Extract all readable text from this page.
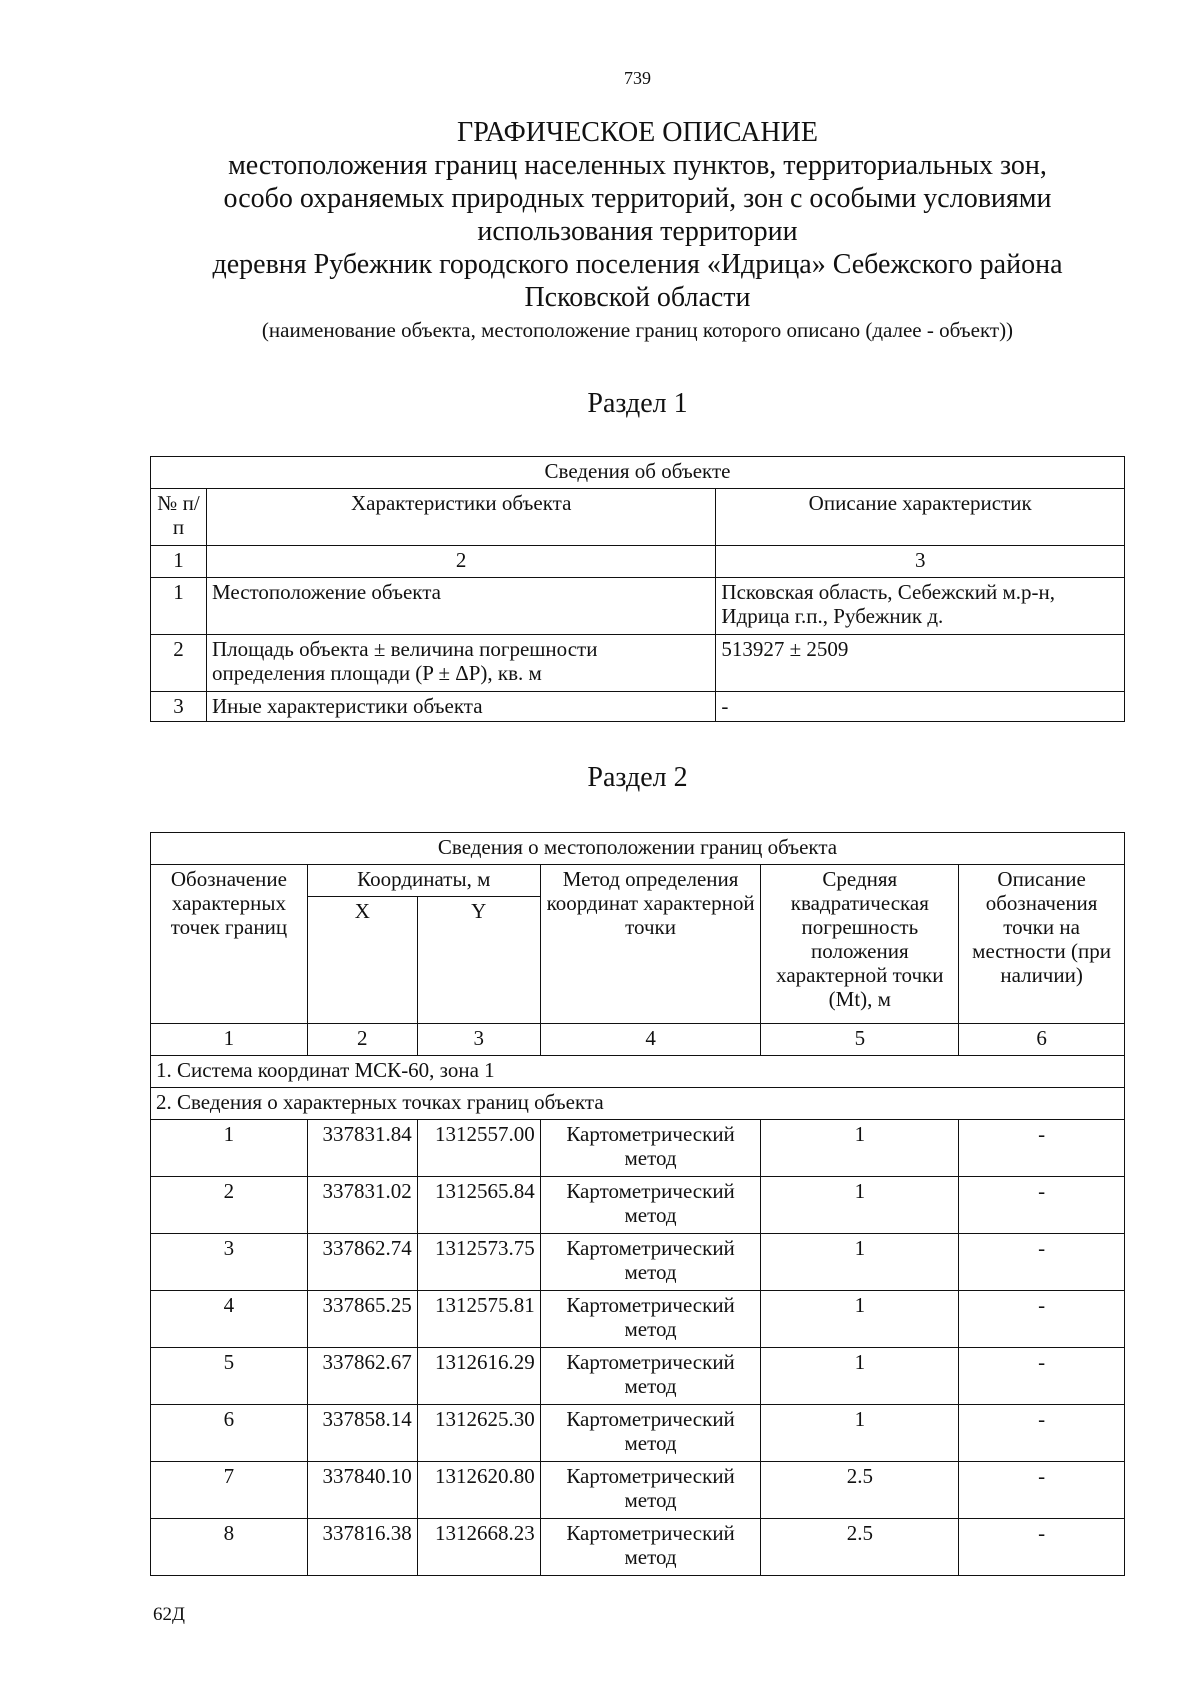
739
ГРАФИЧЕСКОЕ ОПИСАНИЕ
местоположения границ населенных пунктов, территориальных зон,
особо охраняемых природных территорий, зон с особыми условиями
использования территории
деревня Рубежник городского поселения «Идрица» Себежского района
Псковской области
(наименование объекта, местоположение границ которого описано (далее - объект))
Раздел 1
Сведения об объекте		
№ п/п	Характеристики объекта	Описание характеристик
1	2	3
1	Местоположение объекта	Псковская область, Себежский м.р-н, Идрица г.п., Рубежник д.
2	Площадь объекта ± величина погрешности определения площади (P ± ΔP), кв. м	513927 ± 2509
3	Иные характеристики объекта	-
Раздел 2
Сведения о местоположении границ объекта					
Обозначение характерных точек границ	Координаты, м		Метод определения координат характерной точки	Средняя квадратическая погрешность положения характерной точки (Mt), м	Описание обозначения точки на местности (при наличии)
	X	Y			
1	2	3	4	5	6
1. Система координат МСК-60, зона 1					
2. Сведения о характерных точках границ объекта					
1	337831.84	1312557.00	Картометрический метод	1	-
2	337831.02	1312565.84	Картометрический метод	1	-
3	337862.74	1312573.75	Картометрический метод	1	-
4	337865.25	1312575.81	Картометрический метод	1	-
5	337862.67	1312616.29	Картометрический метод	1	-
6	337858.14	1312625.30	Картометрический метод	1	-
7	337840.10	1312620.80	Картометрический метод	2.5	-
8	337816.38	1312668.23	Картометрический метод	2.5	-
62Д
